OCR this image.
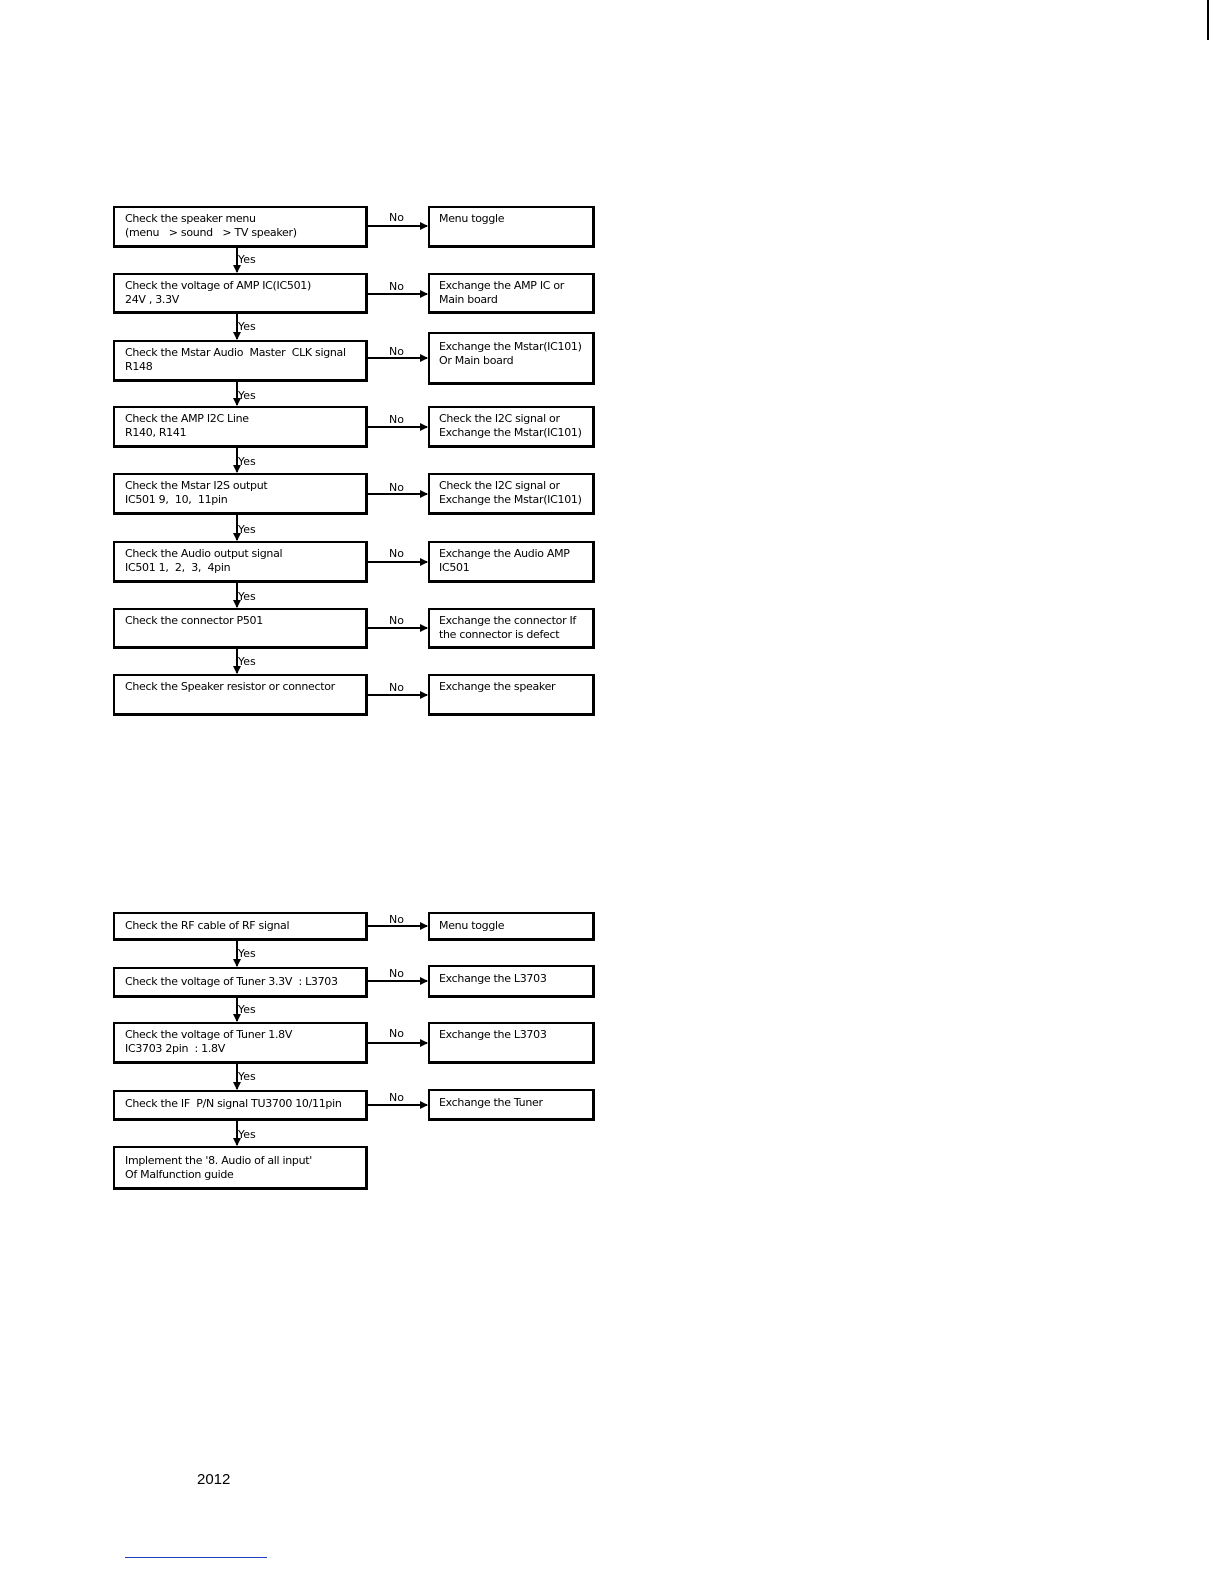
Check the speaker menu
(menu   > sound   > TV speaker)
Check the voltage of AMP IC(IC501)
24V , 3.3V
Check the Mstar Audio  Master  CLK signal
R148
Check the AMP I2C Line
R140, R141
Check the Mstar I2S output
IC501 9,  10,  11pin
Check the Audio output signal
IC501 1,  2,  3,  4pin
Check the connector P501
Check the Speaker resistor or connector
Menu toggle
Exchange the AMP IC or
Main board
Exchange the Mstar(IC101)
Or Main board
Check the I2C signal or
Exchange the Mstar(IC101)
Check the I2C signal or
Exchange the Mstar(IC101)
Exchange the Audio AMP
IC501
Exchange the connector If
the connector is defect
Exchange the speaker
No
No
No
No
No
No
No
No
Yes
Yes
Yes
Yes
Yes
Yes
Yes
Check the RF cable of RF signal
Check the voltage of Tuner 3.3V  : L3703
Check the voltage of Tuner 1.8V
IC3703 2pin  : 1.8V
Check the IF  P/N signal TU3700 10/11pin
Implement the '8. Audio of all input'
Of Malfunction guide
Menu toggle
Exchange the L3703
Exchange the L3703
Exchange the Tuner
No
No
No
No
Yes
Yes
Yes
Yes
2012
